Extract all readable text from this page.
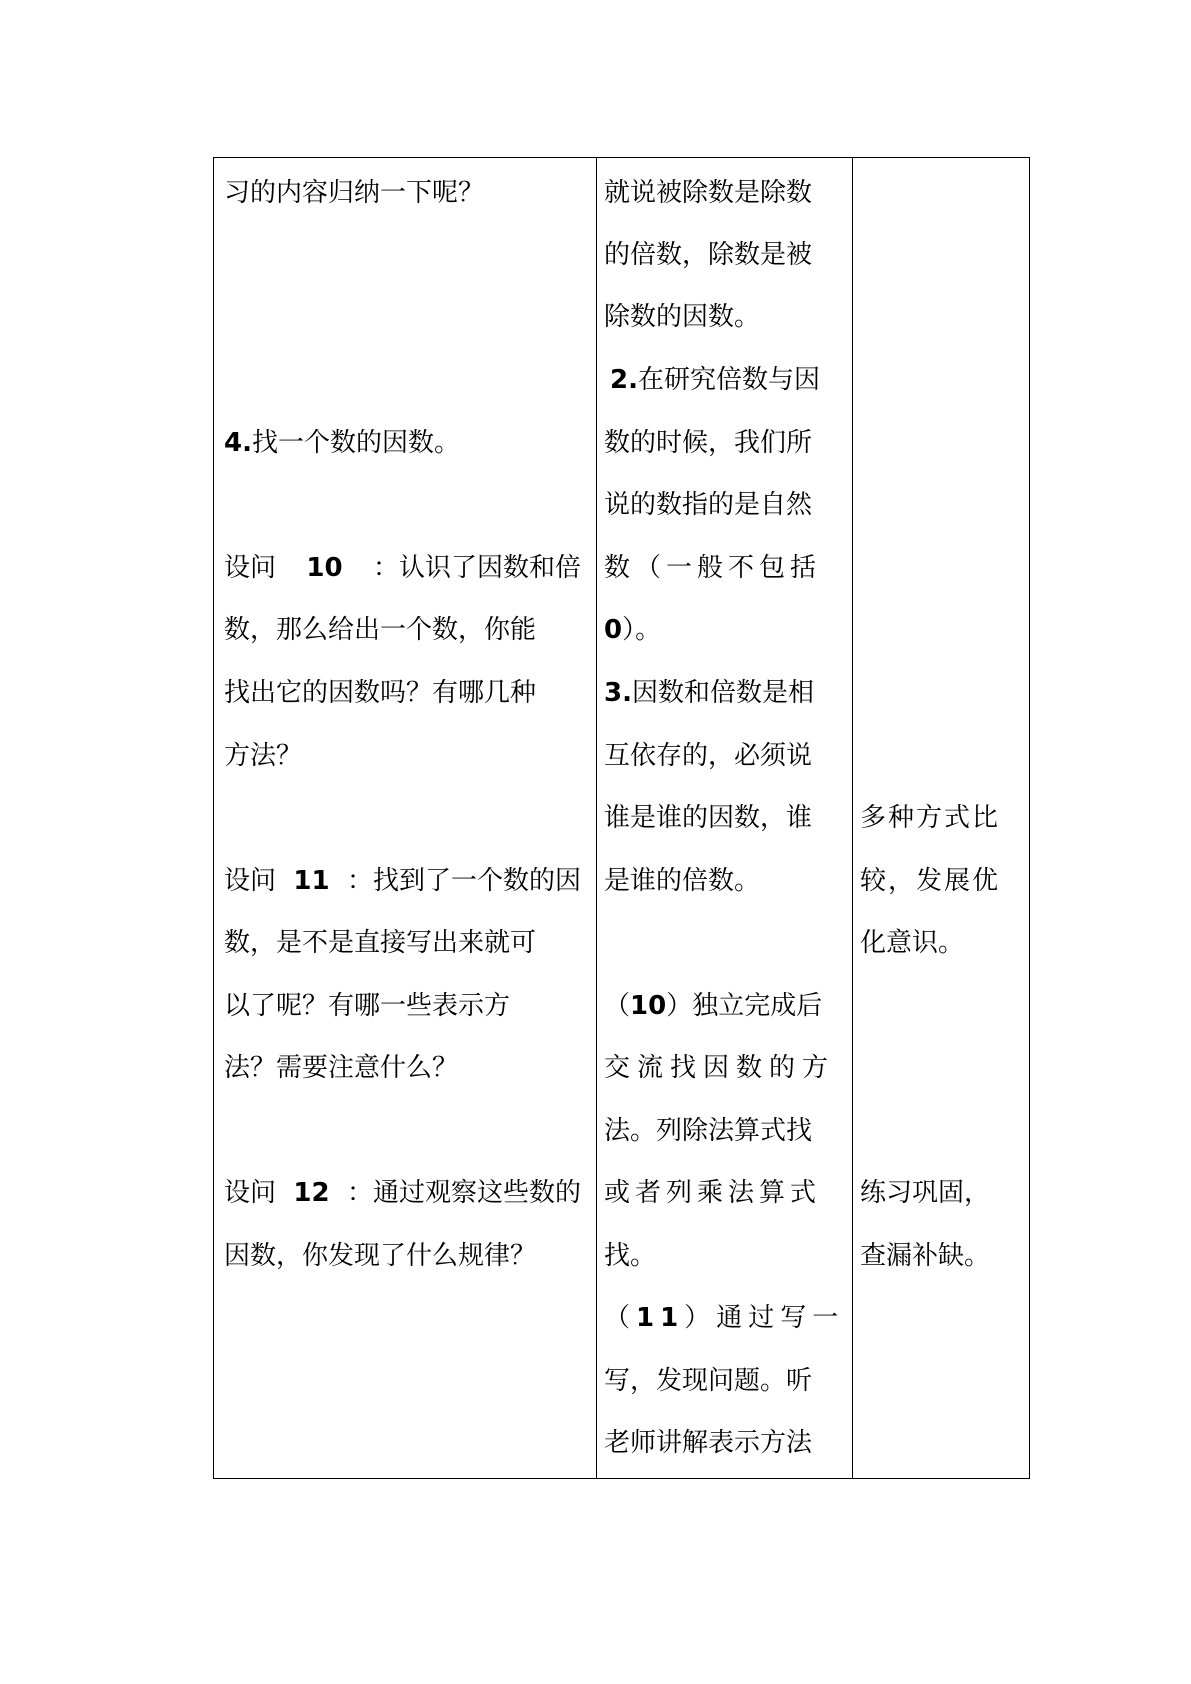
习的内容归纳一下呢？
4.找一个数的因数。
设问 10 ：认识了因数和倍
数，那么给出一个数，你能
找出它的因数吗？有哪几种
方法？
设问 11 ：找到了一个数的因
数，是不是直接写出来就可
以了呢？有哪一些表示方
法？需要注意什么？
设问 12 ：通过观察这些数的
因数，你发现了什么规律？
就说被除数是除数
的倍数，除数是被
除数的因数。
2.在研究倍数与因
数的时候，我们所
说的数指的是自然
数（一般不包括
0）。
3.因数和倍数是相
互依存的，必须说
谁是谁的因数，谁
是谁的倍数。
（10）独立完成后
交流找因数的方
法。列除法算式找
或者列乘法算式
找。
（11）通过写一
写，发现问题。听
老师讲解表示方法
多种方式比
较，发展优
化意识。
练习巩固，
查漏补缺。
